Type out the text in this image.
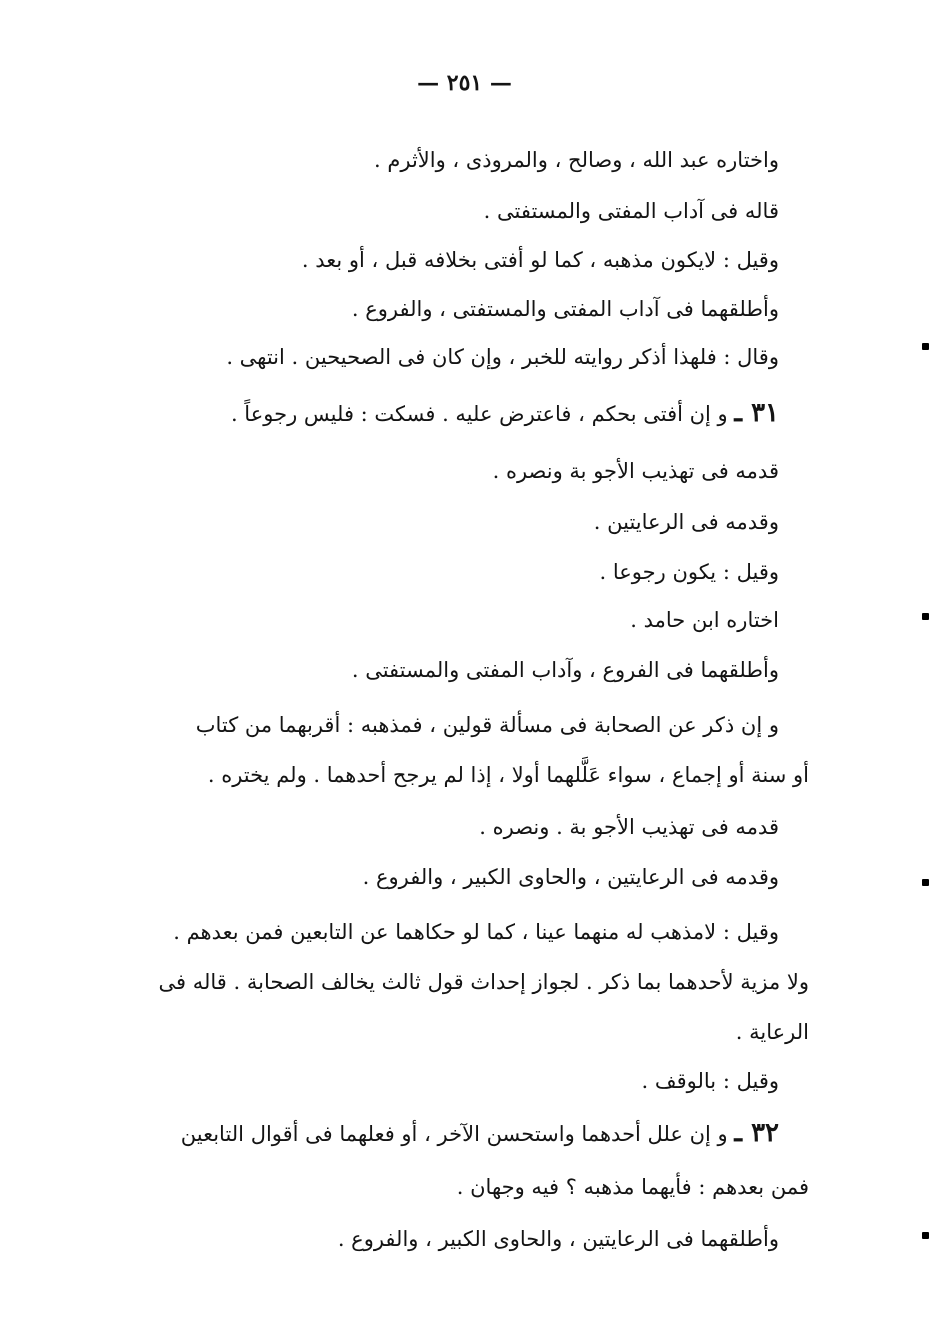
— ٢٥١ —
واختاره عبد الله ، وصالح ، والمروذى ، والأثرم .
قاله فى آداب المفتى والمستفتى .
وقيل : لايكون مذهبه ، كما لو أفتى بخلافه قبل ، أو بعد .
وأطلقهما فى آداب المفتى والمستفتى ، والفروع .
وقال : فلهذا أذكر روايته للخبر ، وإن كان فى الصحيحين . انتهى .
٣١ ـ و إن أفتى بحكم ، فاعترض عليه . فسكت : فليس رجوعاً .
قدمه فى تهذيب الأجو بة ونصره .
وقدمه فى الرعايتين .
وقيل : يكون رجوعا .
اختاره ابن حامد .
وأطلقهما فى الفروع ، وآداب المفتى والمستفتى .
و إن ذكر عن الصحابة فى مسألة قولين ، فمذهبه : أقربهما من كتاب
أو سنة أو إجماع ، سواء عَلَّلهما أولا ، إذا لم يرجح أحدهما . ولم يختره .
قدمه فى تهذيب الأجو بة . ونصره .
وقدمه فى الرعايتين ، والحاوى الكبير ، والفروع .
وقيل : لامذهب له منهما عينا ، كما لو حكاهما عن التابعين فمن بعدهم .
ولا مزية لأحدهما بما ذكر . لجواز إحداث قول ثالث يخالف الصحابة . قاله فى
الرعاية .
وقيل : بالوقف .
٣٢ ـ و إن علل أحدهما واستحسن الآخر ، أو فعلهما فى أقوال التابعين
فمن بعدهم : فأيهما مذهبه ؟ فيه وجهان .
وأطلقهما فى الرعايتين ، والحاوى الكبير ، والفروع .
